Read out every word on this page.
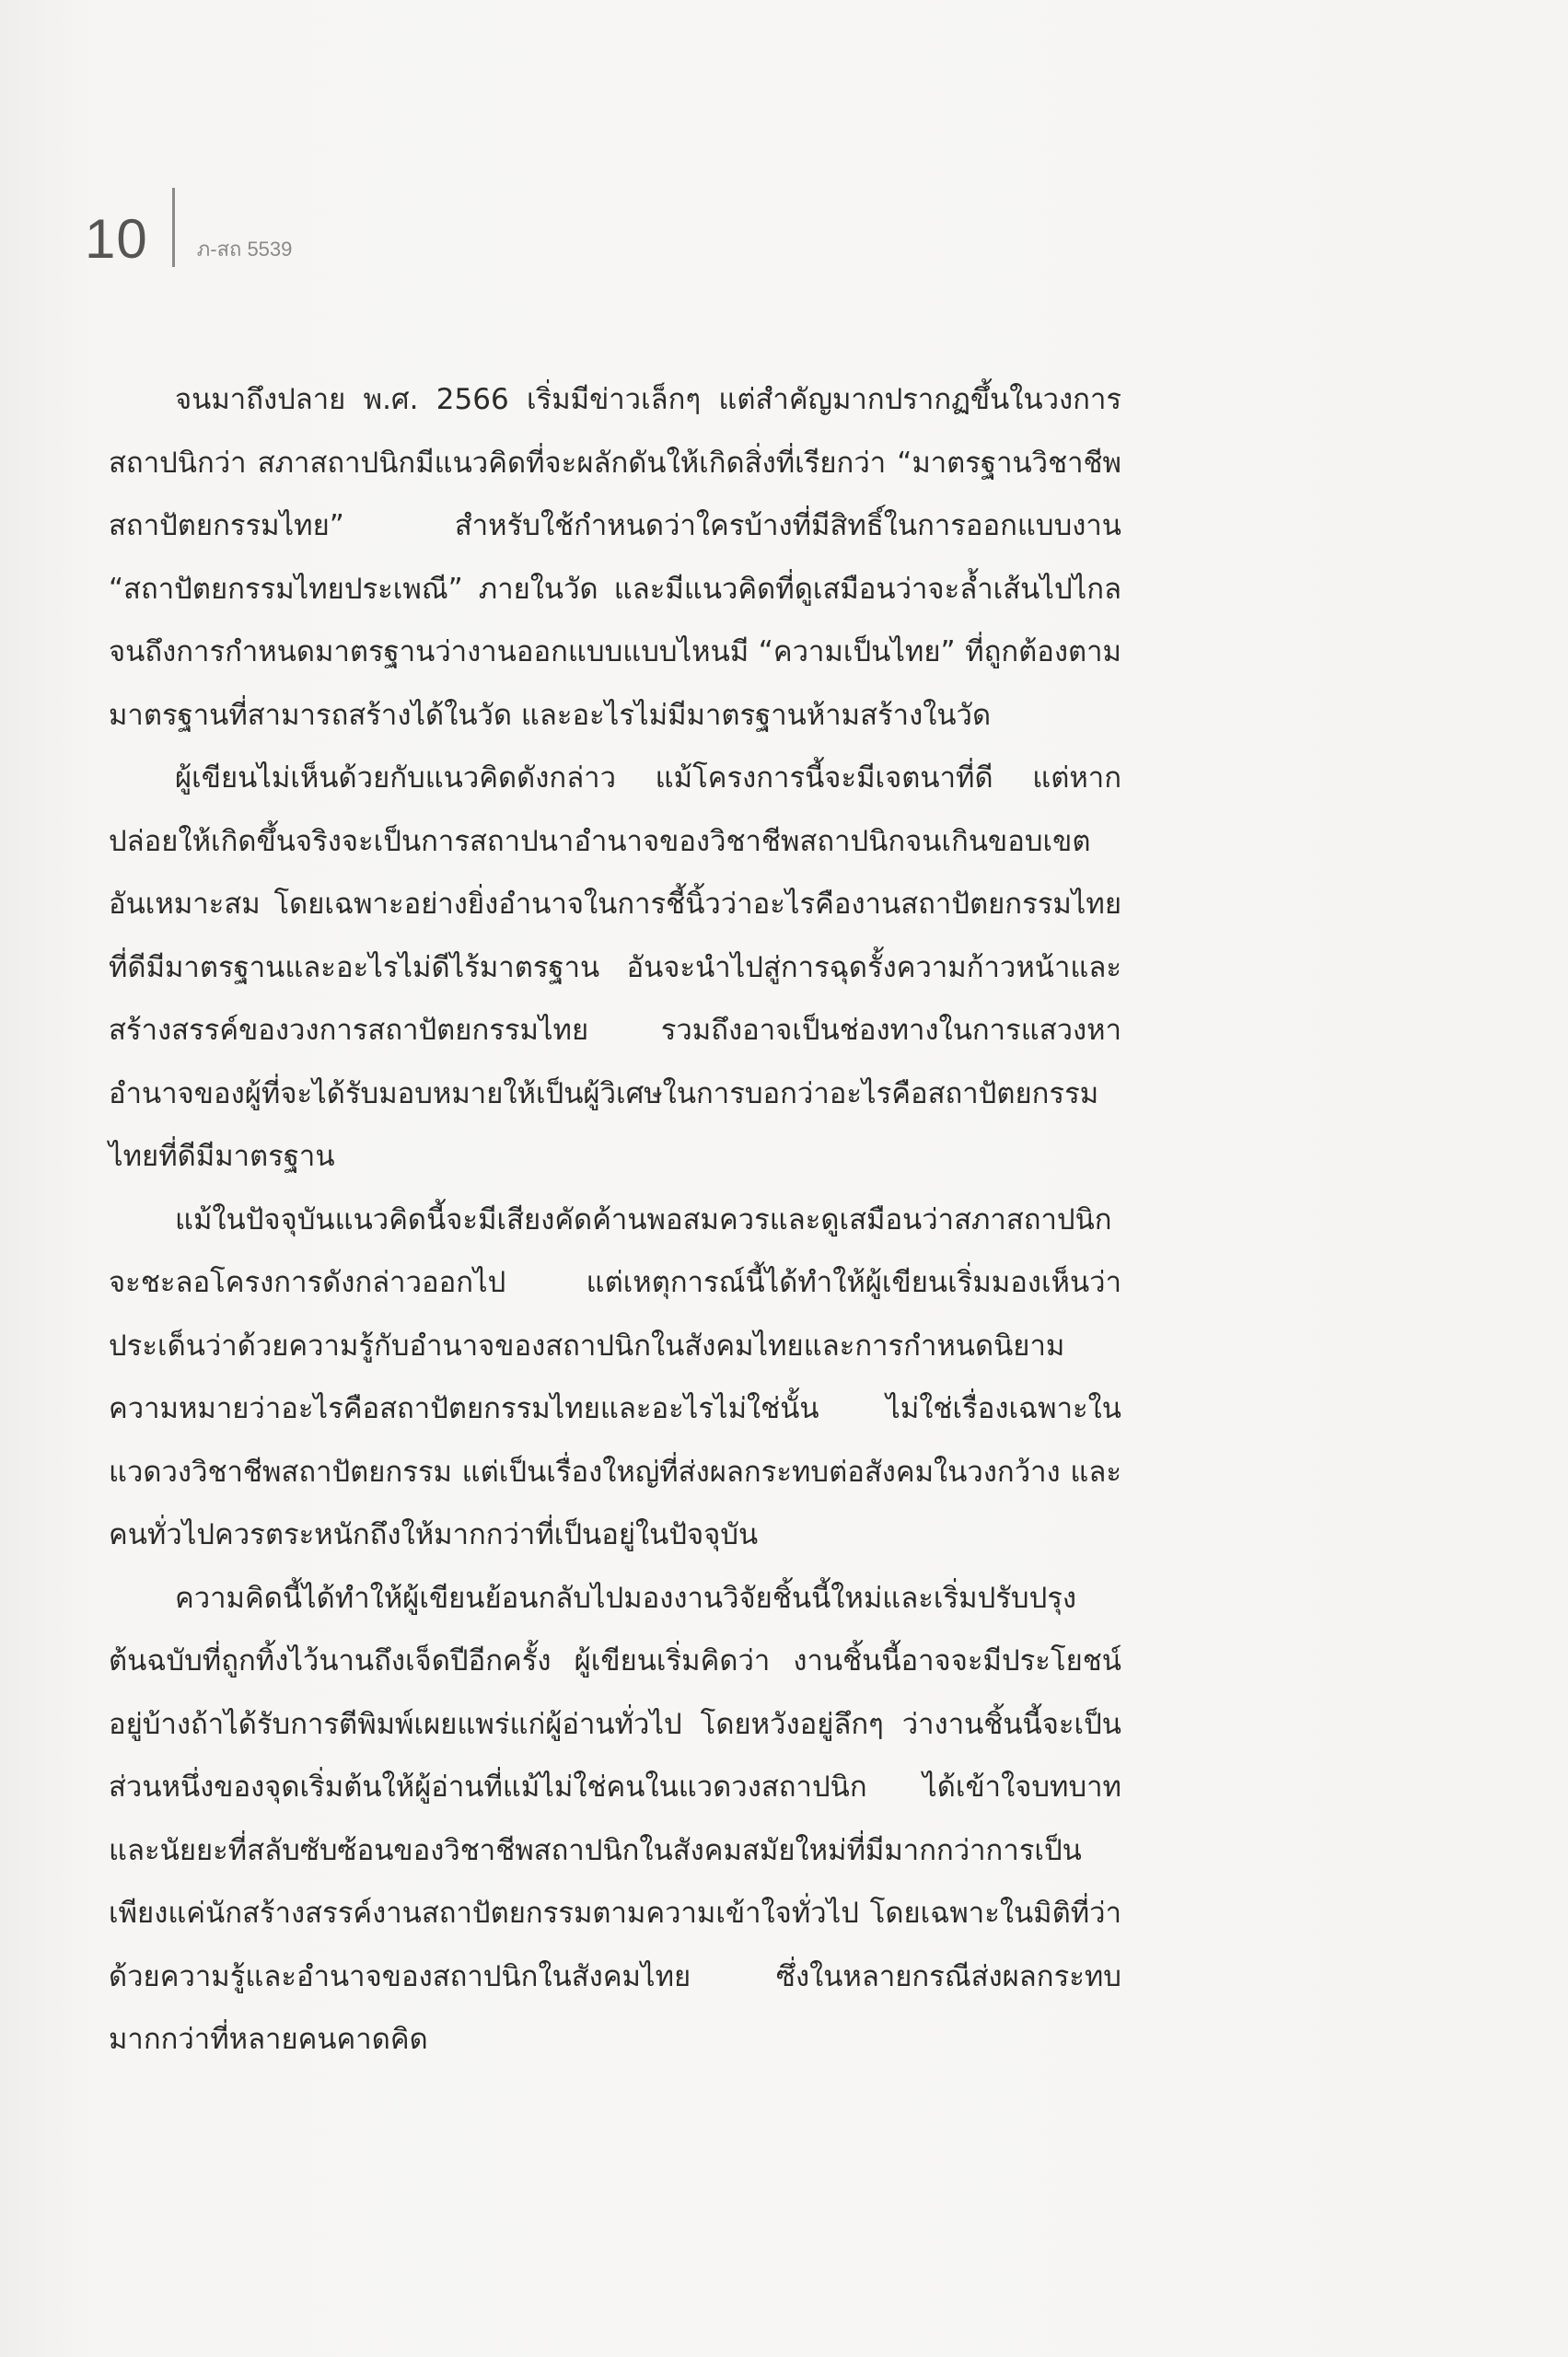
10 ภ-สถ 5539

จนมาถึงปลาย พ.ศ. 2566 เริ่มมีข่าวเล็กๆ แต่สำคัญมากปรากฏขึ้นในวงการสถาปนิกว่า สภาสถาปนิกมีแนวคิดที่จะผลักดันให้เกิดสิ่งที่เรียกว่า “มาตรฐานวิชาชีพสถาปัตยกรรมไทย” สำหรับใช้กำหนดว่าใครบ้างที่มีสิทธิ์ในการออกแบบงาน “สถาปัตยกรรมไทยประเพณี” ภายในวัด และมีแนวคิดที่ดูเสมือนว่าจะล้ำเส้นไปไกลจนถึงการกำหนดมาตรฐานว่างานออกแบบแบบไหนมี “ความเป็นไทย” ที่ถูกต้องตามมาตรฐานที่สามารถสร้างได้ในวัด และอะไรไม่มีมาตรฐานห้ามสร้างในวัด

ผู้เขียนไม่เห็นด้วยกับแนวคิดดังกล่าว แม้โครงการนี้จะมีเจตนาที่ดี แต่หากปล่อยให้เกิดขึ้นจริงจะเป็นการสถาปนาอำนาจของวิชาชีพสถาปนิกจนเกินขอบเขตอันเหมาะสม โดยเฉพาะอย่างยิ่งอำนาจในการชี้นิ้วว่าอะไรคืองานสถาปัตยกรรมไทยที่ดีมีมาตรฐานและอะไรไม่ดีไร้มาตรฐาน อันจะนำไปสู่การฉุดรั้งความก้าวหน้าและสร้างสรรค์ของวงการสถาปัตยกรรมไทย รวมถึงอาจเป็นช่องทางในการแสวงหาอำนาจของผู้ที่จะได้รับมอบหมายให้เป็นผู้วิเศษในการบอกว่าอะไรคือสถาปัตยกรรมไทยที่ดีมีมาตรฐาน

แม้ในปัจจุบันแนวคิดนี้จะมีเสียงคัดค้านพอสมควรและดูเสมือนว่าสภาสถาปนิกจะชะลอโครงการดังกล่าวออกไป แต่เหตุการณ์นี้ได้ทำให้ผู้เขียนเริ่มมองเห็นว่า ประเด็นว่าด้วยความรู้กับอำนาจของสถาปนิกในสังคมไทยและการกำหนดนิยามความหมายว่าอะไรคือสถาปัตยกรรมไทยและอะไรไม่ใช่นั้น ไม่ใช่เรื่องเฉพาะในแวดวงวิชาชีพสถาปัตยกรรม แต่เป็นเรื่องใหญ่ที่ส่งผลกระทบต่อสังคมในวงกว้าง และคนทั่วไปควรตระหนักถึงให้มากกว่าที่เป็นอยู่ในปัจจุบัน

ความคิดนี้ได้ทำให้ผู้เขียนย้อนกลับไปมองงานวิจัยชิ้นนี้ใหม่และเริ่มปรับปรุงต้นฉบับที่ถูกทิ้งไว้นานถึงเจ็ดปีอีกครั้ง ผู้เขียนเริ่มคิดว่า งานชิ้นนี้อาจจะมีประโยชน์อยู่บ้างถ้าได้รับการตีพิมพ์เผยแพร่แก่ผู้อ่านทั่วไป โดยหวังอยู่ลึกๆ ว่างานชิ้นนี้จะเป็นส่วนหนึ่งของจุดเริ่มต้นให้ผู้อ่านที่แม้ไม่ใช่คนในแวดวงสถาปนิก ได้เข้าใจบทบาทและนัยยะที่สลับซับซ้อนของวิชาชีพสถาปนิกในสังคมสมัยใหม่ที่มีมากกว่าการเป็นเพียงแค่นักสร้างสรรค์งานสถาปัตยกรรมตามความเข้าใจทั่วไป โดยเฉพาะในมิติที่ว่าด้วยความรู้และอำนาจของสถาปนิกในสังคมไทย ซึ่งในหลายกรณีส่งผลกระทบมากกว่าที่หลายคนคาดคิด
